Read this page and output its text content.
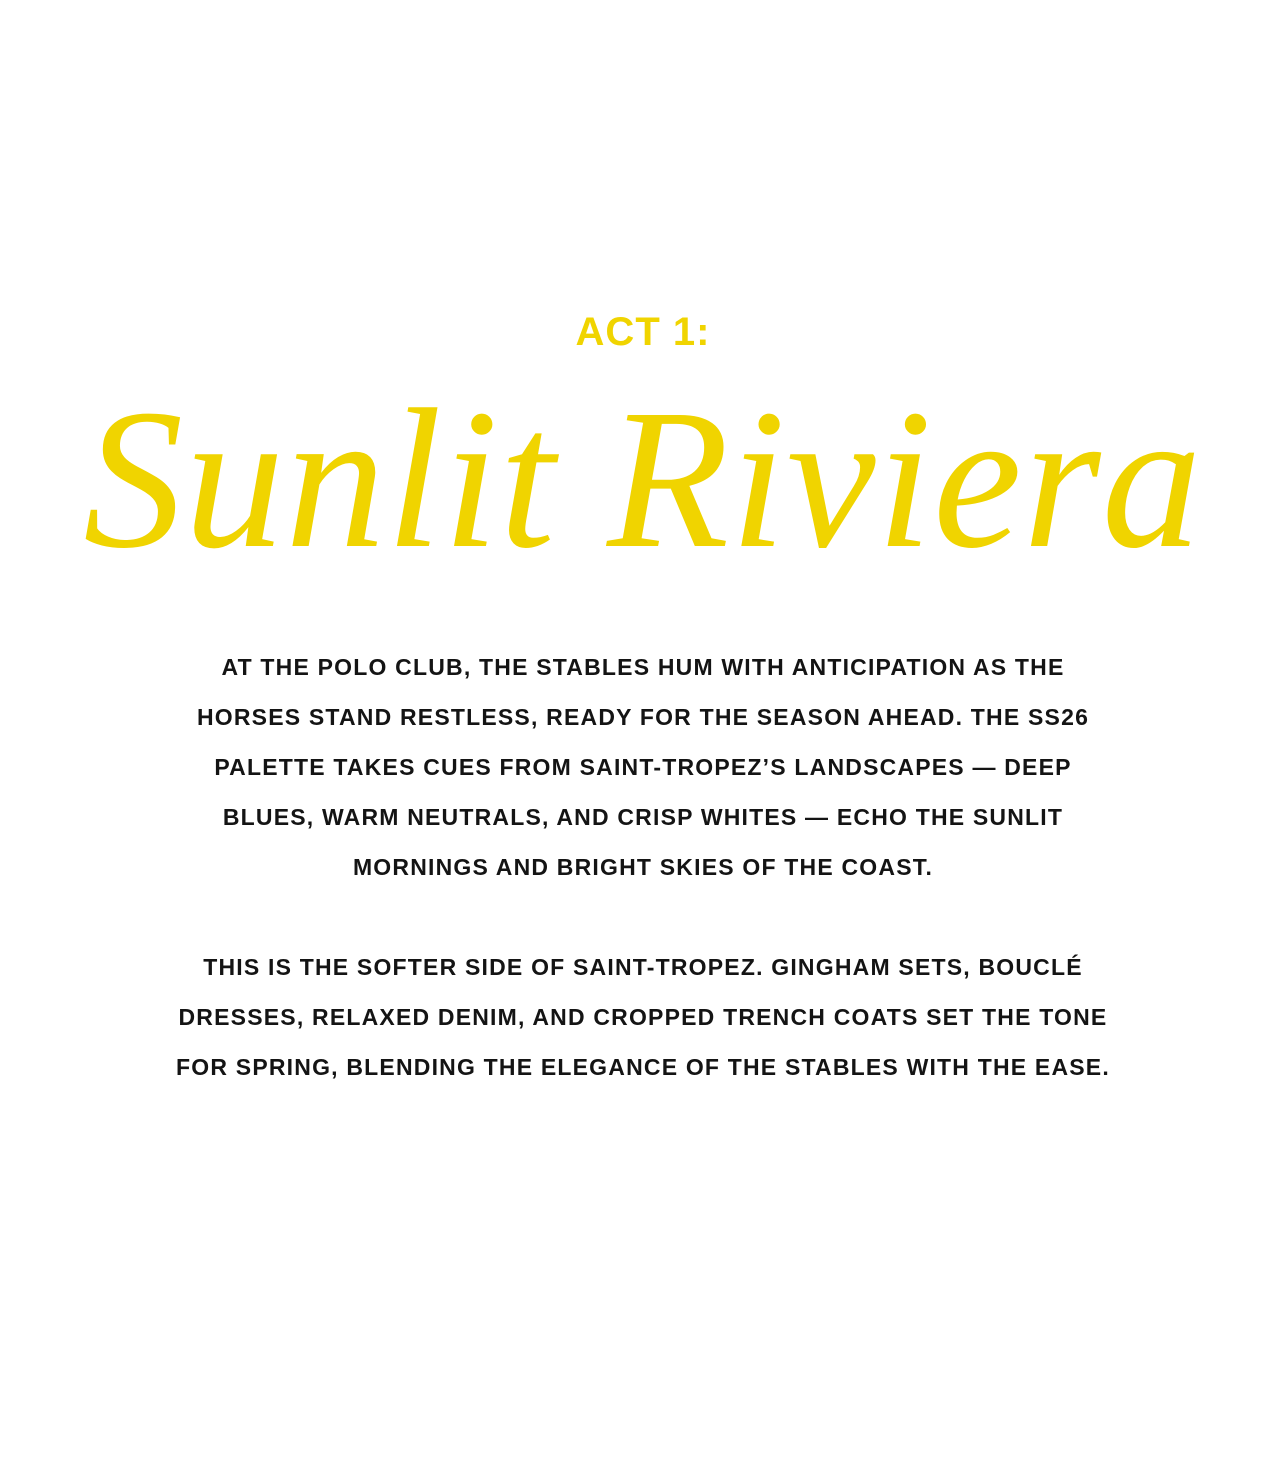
ACT 1:
Sunlit Riviera

AT THE POLO CLUB, THE STABLES HUM WITH ANTICIPATION AS THE
HORSES STAND RESTLESS, READY FOR THE SEASON AHEAD. THE SS26
PALETTE TAKES CUES FROM SAINT-TROPEZ’S LANDSCAPES — DEEP
BLUES, WARM NEUTRALS, AND CRISP WHITES — ECHO THE SUNLIT
MORNINGS AND BRIGHT SKIES OF THE COAST.

THIS IS THE SOFTER SIDE OF SAINT-TROPEZ. GINGHAM SETS, BOUCLÉ
DRESSES, RELAXED DENIM, AND CROPPED TRENCH COATS SET THE TONE
FOR SPRING, BLENDING THE ELEGANCE OF THE STABLES WITH THE EASE.
